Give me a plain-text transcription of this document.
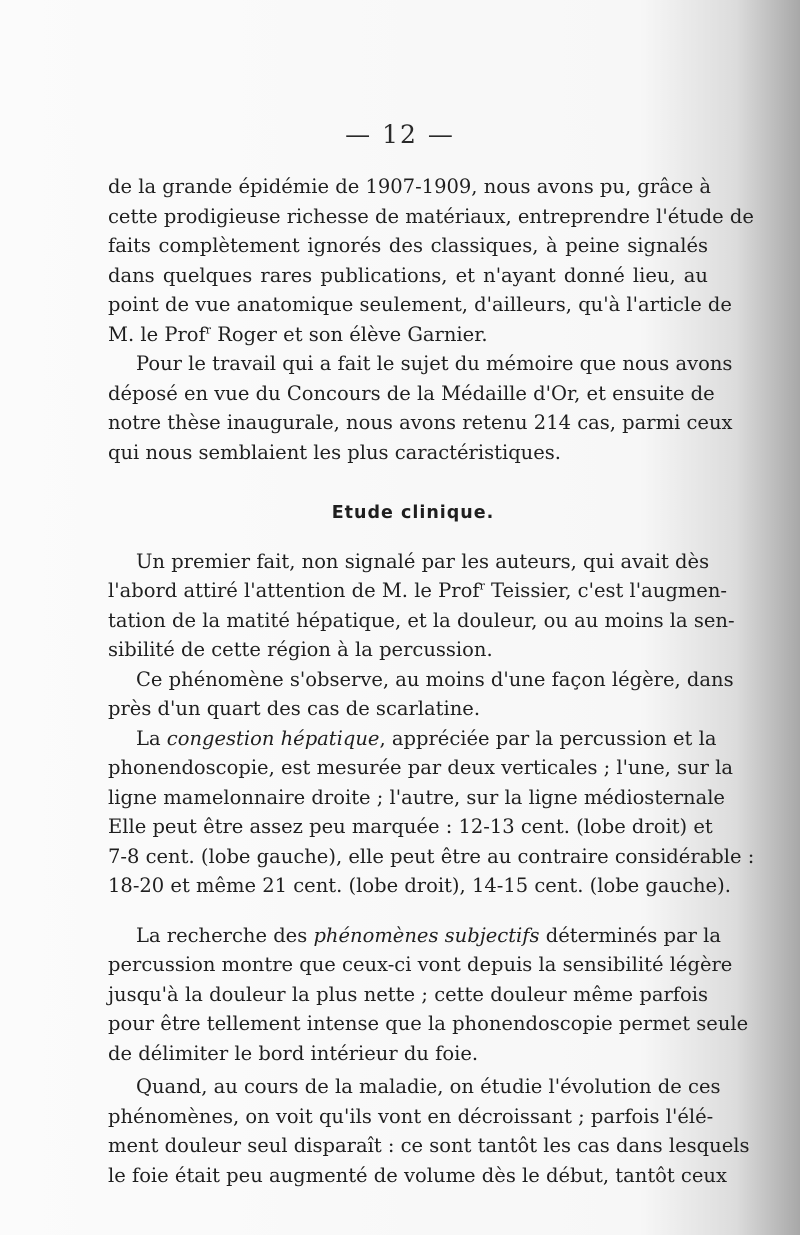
— 12 —
de la grande épidémie de 1907-1909, nous avons pu, grâce à
cette prodigieuse richesse de matériaux, entreprendre l'étude de
faits complètement ignorés des classiques, à peine signalés
dans quelques rares publications, et n'ayant donné lieu, au
point de vue anatomique seulement, d'ailleurs, qu'à l'article de
M. le Prof$^r$ Roger et son élève Garnier.
Pour le travail qui a fait le sujet du mémoire que nous avons
déposé en vue du Concours de la Médaille d'Or, et ensuite de
notre thèse inaugurale, nous avons retenu 214 cas, parmi ceux
qui nous semblaient les plus caractéristiques.
Etude clinique.
Un premier fait, non signalé par les auteurs, qui avait dès
l'abord attiré l'attention de M. le Prof$^r$ Teissier, c'est l'augmen-
tation de la matité hépatique, et la douleur, ou au moins la sen-
sibilité de cette région à la percussion.
Ce phénomène s'observe, au moins d'une façon légère, dans
près d'un quart des cas de scarlatine.
La congestion hépatique, appréciée par la percussion et la
phonendoscopie, est mesurée par deux verticales ; l'une, sur la
ligne mamelonnaire droite ; l'autre, sur la ligne médiosternale
Elle peut être assez peu marquée : 12-13 cent. (lobe droit) et
7-8 cent. (lobe gauche), elle peut être au contraire considérable :
18-20 et même 21 cent. (lobe droit), 14-15 cent. (lobe gauche).
La recherche des phénomènes subjectifs déterminés par la
percussion montre que ceux-ci vont depuis la sensibilité légère
jusqu'à la douleur la plus nette ; cette douleur même parfois
pour être tellement intense que la phonendoscopie permet seule
de délimiter le bord intérieur du foie.
Quand, au cours de la maladie, on étudie l'évolution de ces
phénomènes, on voit qu'ils vont en décroissant ; parfois l'élé-
ment douleur seul disparaît : ce sont tantôt les cas dans lesquels
le foie était peu augmenté de volume dès le début, tantôt ceux
